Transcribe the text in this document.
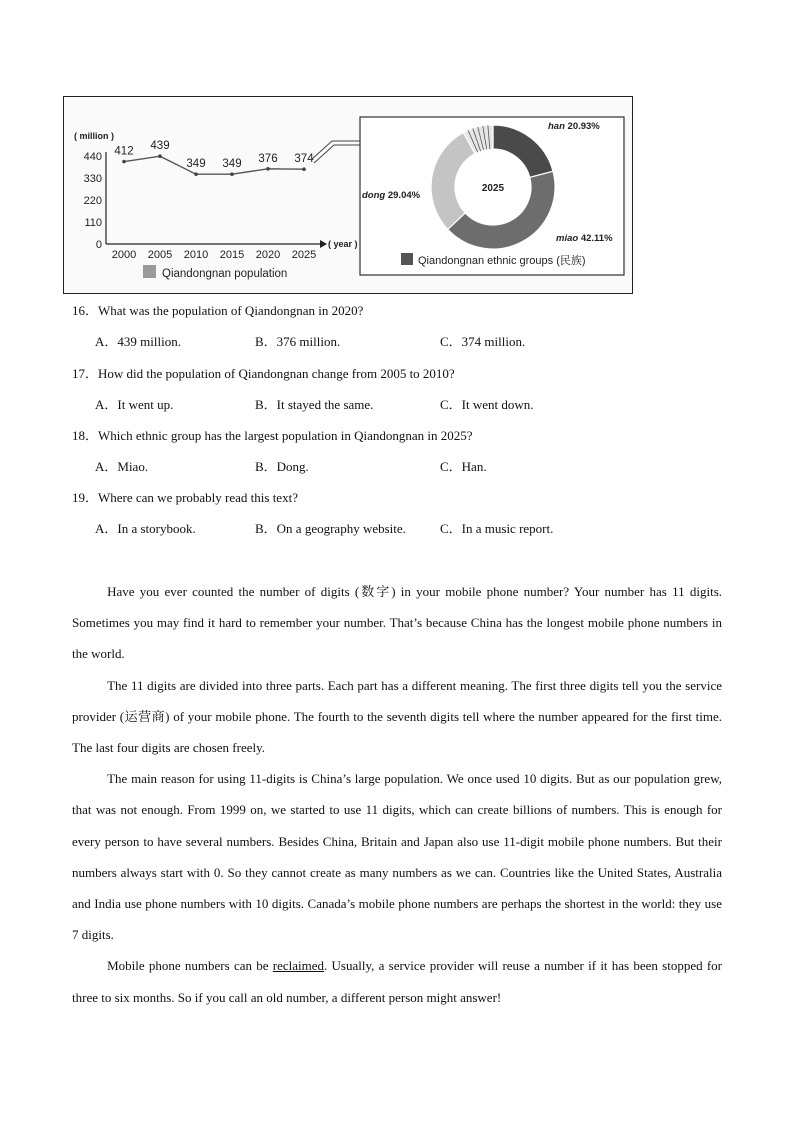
( million )
440
330
220
110
0	( year )
2000 2005 2010 2015 2020 2025
412 439
349 349 376 374
Qiandongnan population
2025
han 20.93%
dong 29.04%
miao 42.11%
Qiandongnan ethnic groups (民族)
16．What was the population of Qiandongnan in 2020?
A．439 million.	B．376 million.	C．374 million.
17．How did the population of Qiandongnan change from 2005 to 2010?
A．It went up.	B．It stayed the same.	C．It went down.
18．Which ethnic group has the largest population in Qiandongnan in 2025?
A．Miao.	B．Dong.	C．Han.
19．Where can we probably read this text?
A．In a storybook.	B．On a geography website.	C．In a music report.

Have you ever counted the number of digits (数字) in your mobile phone number? Your number has 11 digits. Sometimes you may find it hard to remember your number. That’s because China has the longest mobile phone numbers in the world.

The 11 digits are divided into three parts. Each part has a different meaning. The first three digits tell you the service provider (运营商) of your mobile phone. The fourth to the seventh digits tell where the number appeared for the first time. The last four digits are chosen freely.

The main reason for using 11-digits is China’s large population. We once used 10 digits. But as our population grew, that was not enough. From 1999 on, we started to use 11 digits, which can create billions of numbers. This is enough for every person to have several numbers. Besides China, Britain and Japan also use 11-digit mobile phone numbers. But their numbers always start with 0. So they cannot create as many numbers as we can. Countries like the United States, Australia and India use phone numbers with 10 digits. Canada’s mobile phone numbers are perhaps the shortest in the world: they use 7 digits.

Mobile phone numbers can be reclaimed. Usually, a service provider will reuse a number if it has been stopped for three to six months. So if you call an old number, a different person might answer!
